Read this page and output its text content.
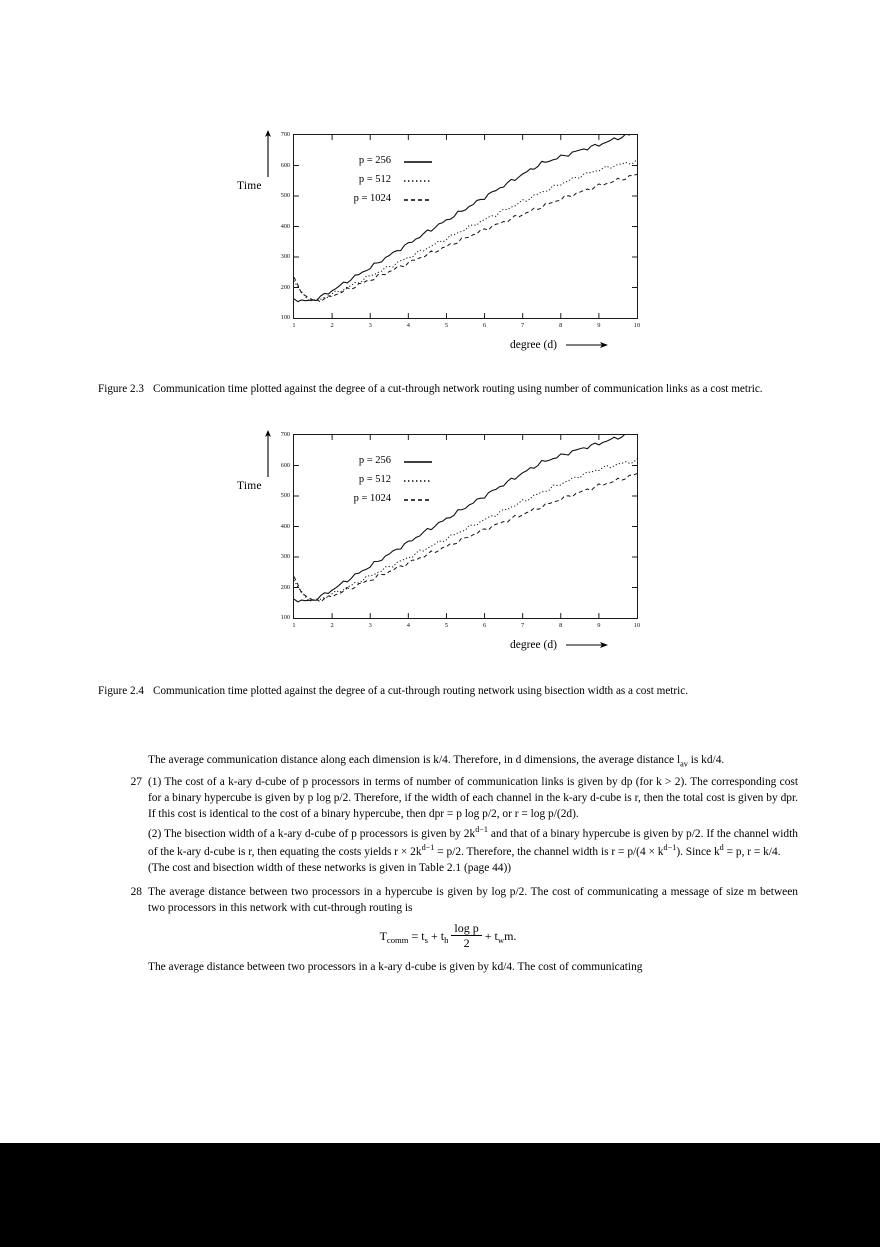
Time
100
200
300
400
500
600
700
1	2	3	4	5	6	7	8	9	10
p = 256
p = 512
p = 1024
degree (d)
Figure 2.3 Communication time plotted against the degree of a cut-through network routing using number of communication links as a cost metric.
Time
100
200
300
400
500
600
700
1	2	3	4	5	6	7	8	9	10
p = 256
p = 512
p = 1024
degree (d)
Figure 2.4 Communication time plotted against the degree of a cut-through routing network using bisection width as a cost metric.

The average communication distance along each dimension is k/4. Therefore, in d dimensions, the average distance $l_{av}$ is kd/4.

27 (1) The cost of a k-ary d-cube of p processors in terms of number of communication links is given by dp (for k > 2). The corresponding cost for a binary hypercube is given by p log p/2. Therefore, if the width of each channel in the k-ary d-cube is r, then the total cost is given by dpr. If this cost is identical to the cost of a binary hypercube, then dpr = p log p/2, or r = log p/(2d).

(2) The bisection width of a k-ary d-cube of p processors is given by $2k^{d-1}$ and that of a binary hypercube is given by p/2. If the channel width of the k-ary d-cube is r, then equating the costs yields $r \times 2k^{d-1} = p/2$. Therefore, the channel width is $r = p/(4 \times k^{d-1})$. Since $k^d = p$, r = k/4.

(The cost and bisection width of these networks is given in Table 2.1 (page 44))

28 The average distance between two processors in a hypercube is given by log p/2. The cost of communicating a message of size m between two processors in this network with cut-through routing is

$T_{comm} = t_s + t_h \frac{\text{log p}}{2} + t_wm$.

The average distance between two processors in a k-ary d-cube is given by kd/4. The cost of communicating
